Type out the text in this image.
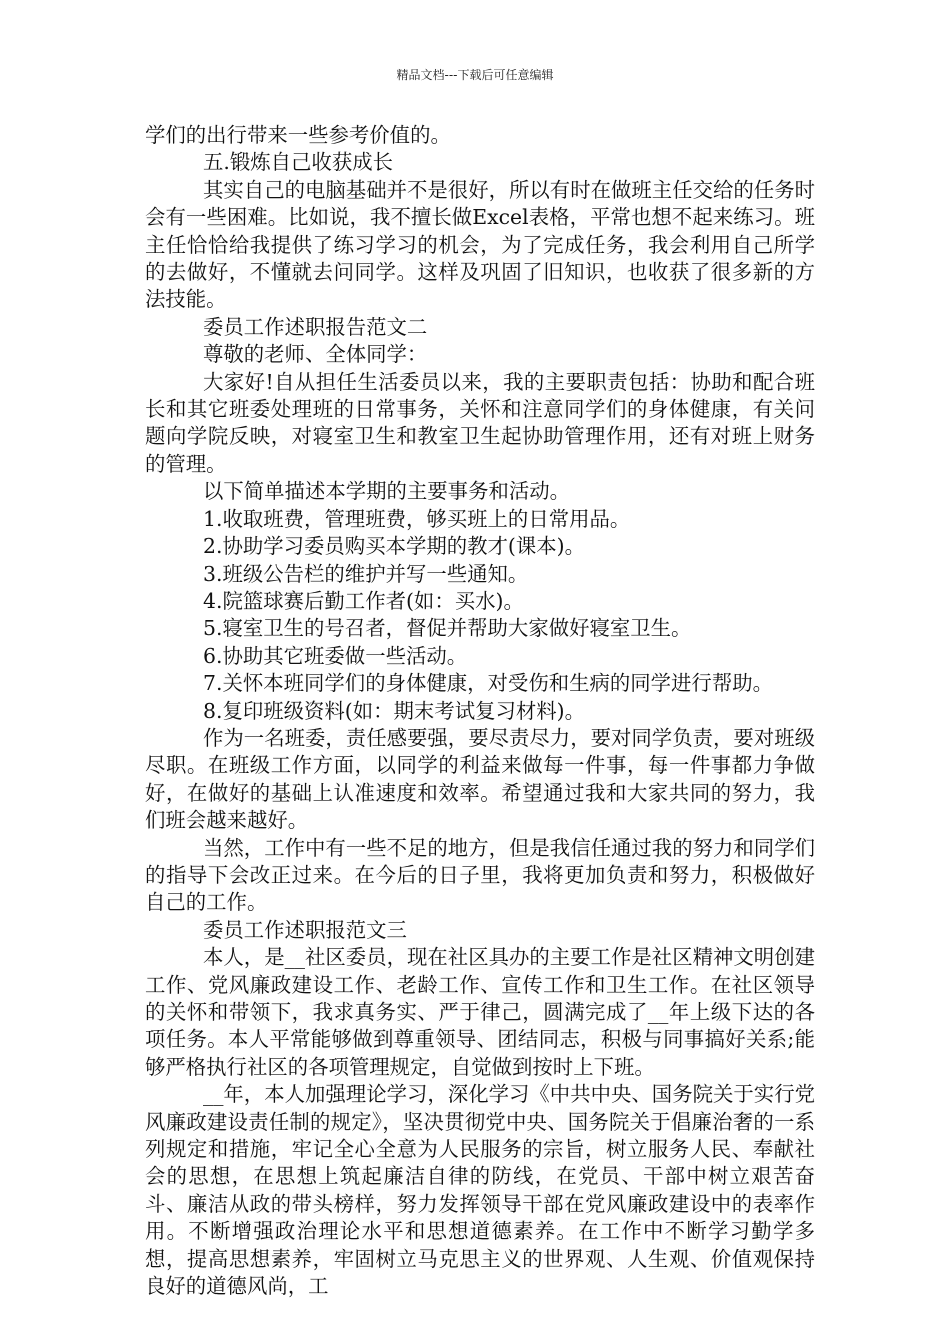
精品文档---下载后可任意编辑

学们的出行带来一些参考价值的。

五.锻炼自己收获成长

其实自己的电脑基础并不是很好，所以有时在做班主任交给的任务时会有一些困难。比如说，我不擅长做Excel表格，平常也想不起来练习。班主任恰恰给我提供了练习学习的机会，为了完成任务，我会利用自己所学的去做好，不懂就去问同学。这样及巩固了旧知识，也收获了很多新的方法技能。

委员工作述职报告范文二

尊敬的老师、全体同学：

大家好!自从担任生活委员以来，我的主要职责包括：协助和配合班长和其它班委处理班的日常事务，关怀和注意同学们的身体健康，有关问题向学院反映，对寝室卫生和教室卫生起协助管理作用，还有对班上财务的管理。

以下简单描述本学期的主要事务和活动。

1.收取班费，管理班费，够买班上的日常用品。

2.协助学习委员购买本学期的教才(课本)。

3.班级公告栏的维护并写一些通知。

4.院篮球赛后勤工作者(如：买水)。

5.寝室卫生的号召者，督促并帮助大家做好寝室卫生。

6.协助其它班委做一些活动。

7.关怀本班同学们的身体健康，对受伤和生病的同学进行帮助。

8.复印班级资料(如：期末考试复习材料)。

作为一名班委，责任感要强，要尽责尽力，要对同学负责，要对班级尽职。在班级工作方面，以同学的利益来做每一件事，每一件事都力争做好，在做好的基础上认准速度和效率。希望通过我和大家共同的努力，我们班会越来越好。

当然，工作中有一些不足的地方，但是我信任通过我的努力和同学们的指导下会改正过来。在今后的日子里，我将更加负责和努力，积极做好自己的工作。

委员工作述职报范文三

本人，是__社区委员，现在社区具办的主要工作是社区精神文明创建工作、党风廉政建设工作、老龄工作、宣传工作和卫生工作。在社区领导的关怀和带领下，我求真务实、严于律己，圆满完成了__年上级下达的各项任务。本人平常能够做到尊重领导、团结同志，积极与同事搞好关系;能够严格执行社区的各项管理规定，自觉做到按时上下班。

__年，本人加强理论学习，深化学习《中共中央、国务院关于实行党风廉政建设责任制的规定》，坚决贯彻党中央、国务院关于倡廉治奢的一系列规定和措施，牢记全心全意为人民服务的宗旨，树立服务人民、奉献社会的思想，在思想上筑起廉洁自律的防线，在党员、干部中树立艰苦奋斗、廉洁从政的带头榜样，努力发挥领导干部在党风廉政建设中的表率作用。不断增强政治理论水平和思想道德素养。在工作中不断学习勤学多想，提高思想素养，牢固树立马克思主义的世界观、人生观、价值观保持良好的道德风尚，工
